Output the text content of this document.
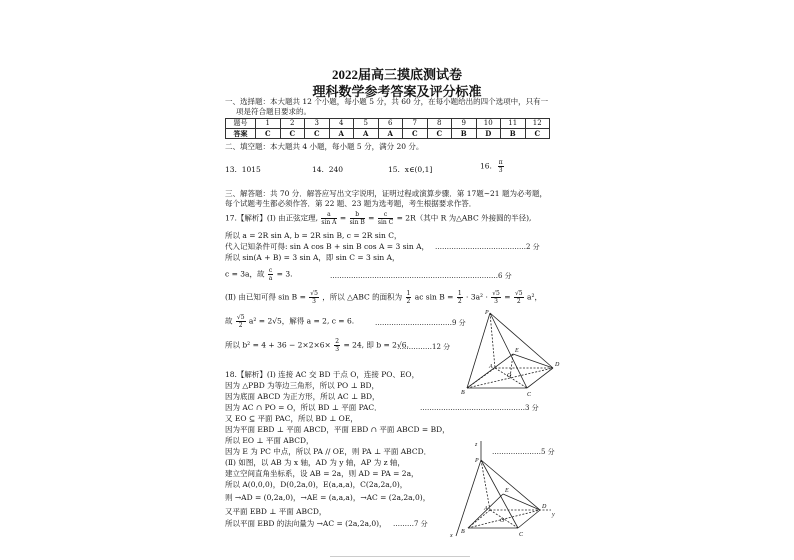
2022届高三摸底测试卷
理科数学参考答案及评分标准
一、选择题：本大题共 12 个小题，每小题 5 分，共 60 分，在每小题给出的四个选项中，只有一
项是符合题目要求的。
题号	1	2	3	4	5	6	7	8	9	10	11	12
答案	C	C	C	A	A	A	C	C	B	D	B	C
二、填空题：本大题共 4 小题，每小题 5 分，满分 20 分。
13. 1015	14. 240	15. x∈(0,1]	16. $\frac{\pi}{3}$
三、解答题：共 70 分．解答应写出文字说明，证明过程或演算步骤．第 17题~21 题为必考题，
每个试题考生都必须作答．第 22 题、23 题为选考题，考生根据要求作答．
17.【解析】(Ⅰ) 由正弦定理, $\frac{a}{\text{sin A}} = \frac{b}{\text{sin B}} = \frac{c}{\text{sin C}} = 2R$（其中 R 为△ABC 外接圆的半径),
所以 a = 2R sin A, b = 2R sin B, c = 2R sin C，
代入记知条件可得: sin A cos B + sin B cos A = 3 sin A， …………………………………2 分
所以 sin(A + B) = 3 sin A，即 sin C = 3 sin A，
c = 3a，故 $\frac{c}{a} = 3$.	………………………………………………………………6 分
(Ⅱ) 由已知可得 $\sin B = \frac{√5}{3}$ ，所以 △ABC 的面积为 $\frac{1}{2}$ ac $\sin B = \frac{1}{2} \cdot 3a^2 \cdot \frac{√5}{3} = \frac{√5}{2} a^2$，
故 $\frac{√5}{2} a^2 = 2√5$，解得 a = 2, c = 6.	……………………………9 分
所以 $b^2 = 4 + 36 - 2\times 2\times 6\times \frac{2}{3} = 24$, 即 b = 2√6.
……………12 分
18.【解析】(Ⅰ) 连接 AC 交 BD 于点 O，连接 PO、EO，
因为 △PBD 为等边三角形，所以 PO ⊥ BD，
因为底面 ABCD 为正方形，所以 AC ⊥ BD，
因为 AC ∩ PO = O，所以 BD ⊥ 平面 PAC．	………………………………………3 分
又 EO ⊆ 平面 PAC，所以 BD ⊥ OE，
因为平面 EBD ⊥ 平面 ABCD，平面 EBD ∩ 平面 ABCD = BD，
所以 EO ⊥ 平面 ABCD，
因为 E 为 PC 中点，所以 PA // OE，则 PA ⊥ 平面 ABCD．	…………………5 分
(Ⅱ) 如图，以 AB 为 x 轴，AD 为 y 轴，AP 为 z 轴，
建立空间直角坐标系，设 AB = 2a，则 AD = PA = 2a，
所以 A(0,0,0)，D(0,2a,0)，E(a,a,a)，C(2a,2a,0)，
则 →AD = (0,2a,0)，→AE = (a,a,a)，→AC = (2a,2a,0)，
又平面 EBD ⊥ 平面 ABCD，
所以平面 EBD 的法向量为 →AC = (2a,2a,0)， ………7 分
P
E
D
A
O
B	C
z
P
E
D
y
A
O
B	C
x
